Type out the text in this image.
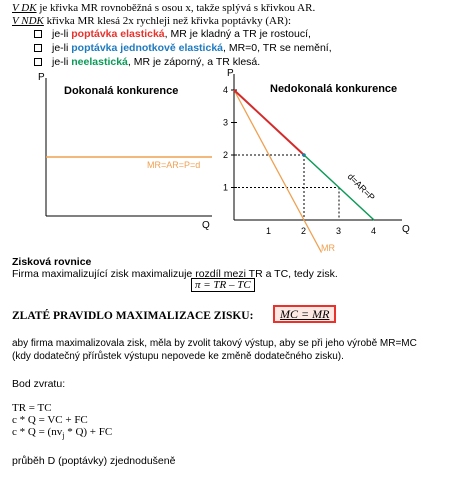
V DK je křivka MR rovnoběžná s osou x, takže splývá s křivkou AR.
V NDK křivka MR klesá 2x rychleji než křivka poptávky (AR):
je-li poptávka elastická, MR je kladný a TR je rostoucí,
je-li poptávka jednotkově elastická, MR=0, TR se nemění,
je-li neelastická, MR je záporný, a TR klesá.
P
Q
Dokonalá konkurence
MR=AR=P=d
P
Q
Nedokonalá konkurence
1
2
3
4
1	2	3	4
d=AR=P
MR
Zisková rovnice
Firma maximalizující zisk maximalizuje rozdíl mezi TR a TC, tedy zisk.
π = TR – TC
ZLATÉ PRAVIDLO MAXIMALIZACE ZISKU:	MC = MR
aby firma maximalizovala zisk, měla by zvolit takový výstup, aby se při jeho výrobě MR=MC
(kdy dodatečný přírůstek výstupu nepovede ke změně dodatečného zisku).
Bod zvratu:
TR = TC
c * Q = VC + FC
$c * Q = (nv_j * Q)$ + FC
průběh D (poptávky) zjednodušeně
